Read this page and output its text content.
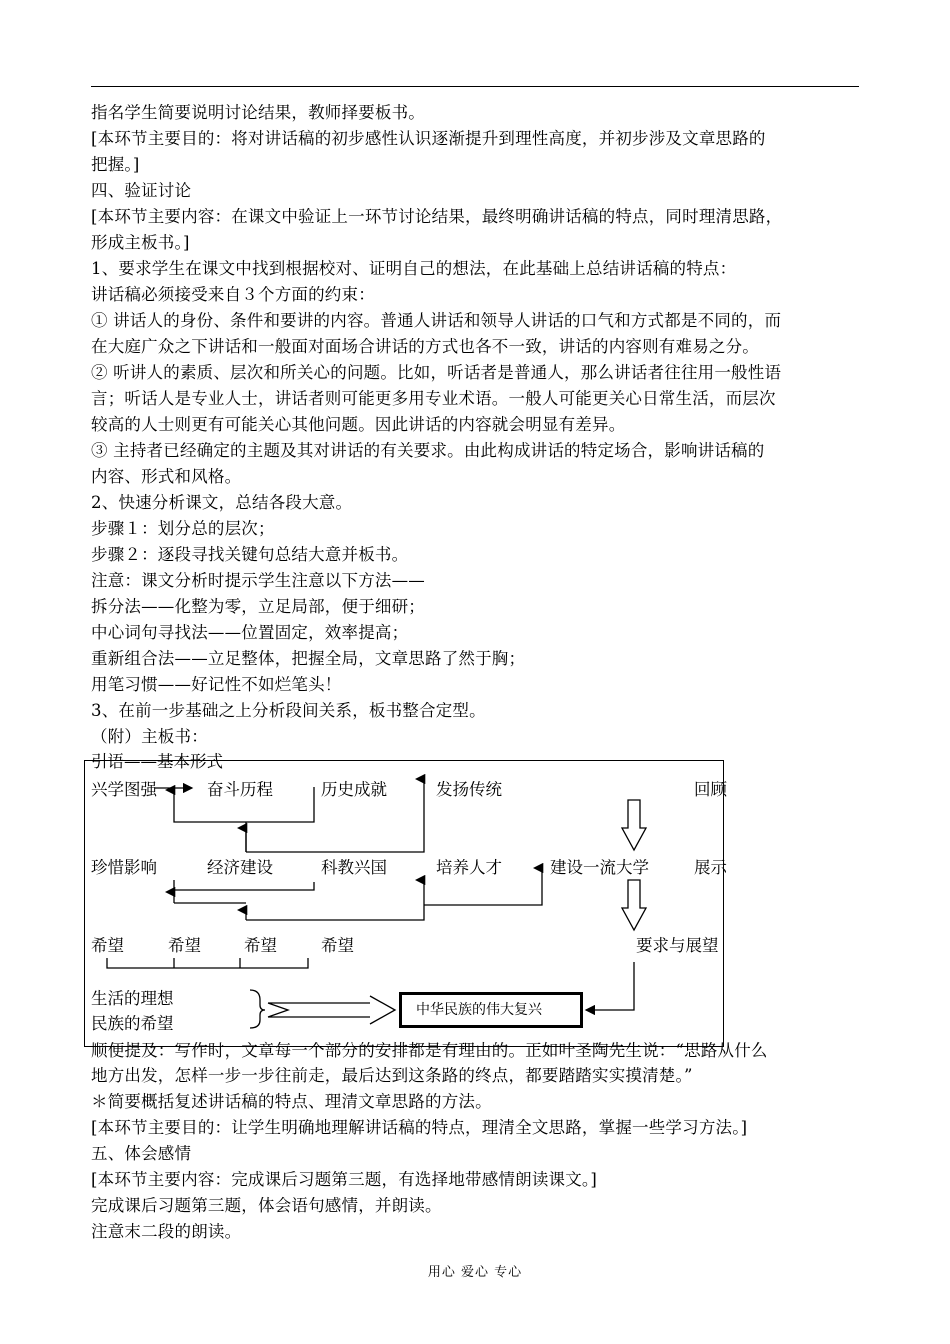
指名学生简要说明讨论结果，教师择要板书。
[本环节主要目的：将对讲话稿的初步感性认识逐渐提升到理性高度，并初步涉及文章思路的
把握。]
四、验证讨论
[本环节主要内容：在课文中验证上一环节讨论结果，最终明确讲话稿的特点，同时理清思路，
形成主板书。]
1、要求学生在课文中找到根据校对、证明自己的想法，在此基础上总结讲话稿的特点：
讲话稿必须接受来自３个方面的约束：
① 讲话人的身份、条件和要讲的内容。普通人讲话和领导人讲话的口气和方式都是不同的，而
在大庭广众之下讲话和一般面对面场合讲话的方式也各不一致，讲话的内容则有难易之分。
② 听讲人的素质、层次和所关心的问题。比如，听话者是普通人，那么讲话者往往用一般性语
言；听话人是专业人士，讲话者则可能更多用专业术语。一般人可能更关心日常生活，而层次
较高的人士则更有可能关心其他问题。因此讲话的内容就会明显有差异。
③ 主持者已经确定的主题及其对讲话的有关要求。由此构成讲话的特定场合，影响讲话稿的
内容、形式和风格。
2、快速分析课文，总结各段大意。
步骤１：划分总的层次；
步骤２：逐段寻找关键句总结大意并板书。
注意：课文分析时提示学生注意以下方法——
拆分法——化整为零，立足局部，便于细研；
中心词句寻找法——位置固定，效率提高；
重新组合法——立足整体，把握全局，文章思路了然于胸；
用笔习惯——好记性不如烂笔头！
3、在前一步基础之上分析段间关系，板书整合定型。
（附）主板书：
引语——基本形式
兴学图强	奋斗历程	历史成就	发扬传统	回顾
珍惜影响	经济建设	科教兴国	培养人才	建设一流大学	展示
希望	希望	希望	希望	要求与展望
生活的理想
民族的希望
中华民族的伟大复兴
顺便提及：写作时，文章每一个部分的安排都是有理由的。正如叶圣陶先生说：“思路从什么
地方出发，怎样一步一步往前走，最后达到这条路的终点，都要踏踏实实摸清楚。”
＊简要概括复述讲话稿的特点、理清文章思路的方法。
[本环节主要目的：让学生明确地理解讲话稿的特点，理清全文思路，掌握一些学习方法。]
五、体会感情
[本环节主要内容：完成课后习题第三题，有选择地带感情朗读课文。]
完成课后习题第三题，体会语句感情，并朗读。
注意末二段的朗读。
用心 爱心 专心
